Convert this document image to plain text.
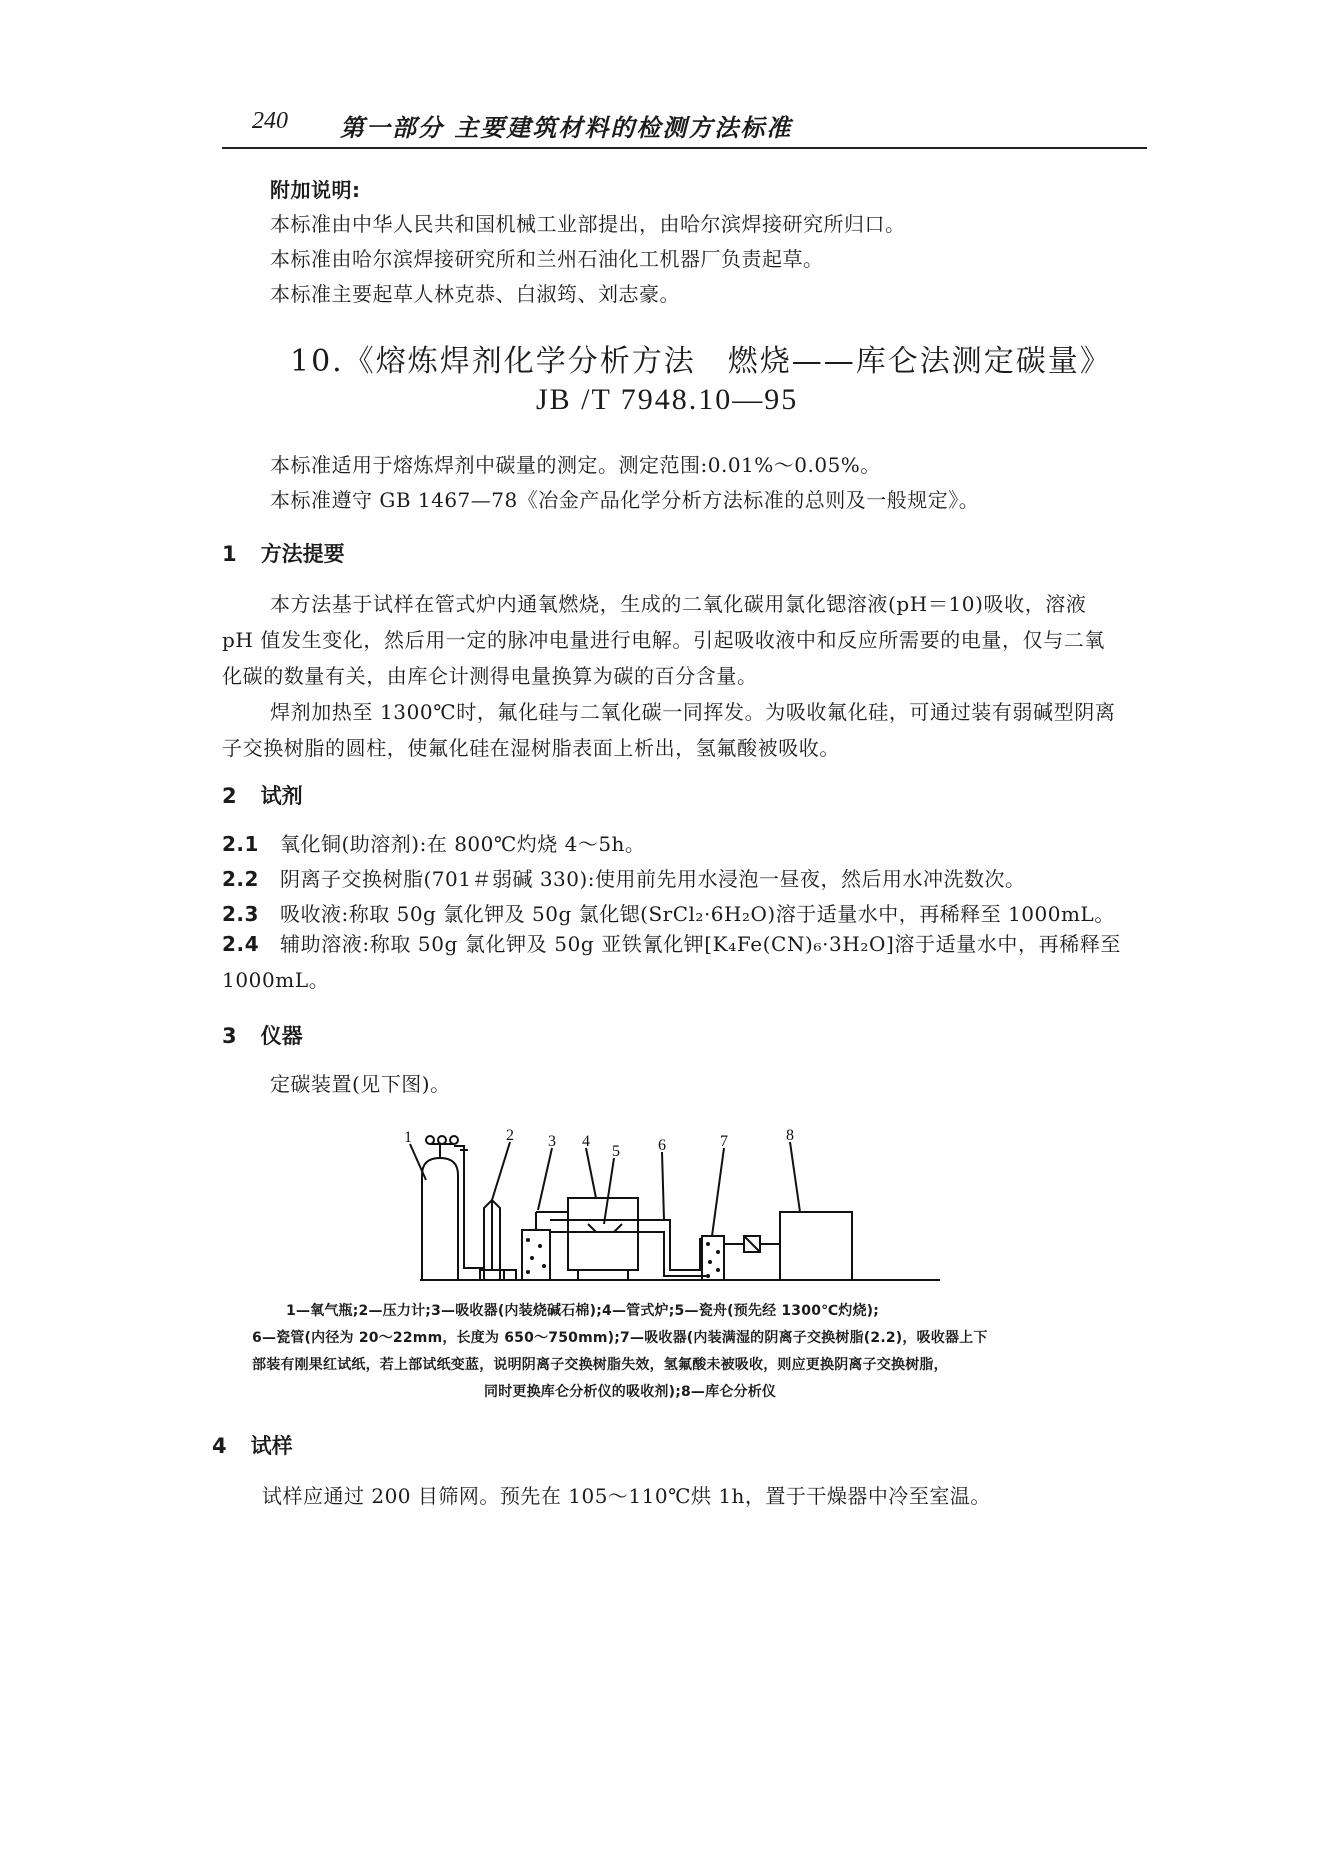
240 第一部分 主要建筑材料的检测方法标准
附加说明:
本标准由中华人民共和国机械工业部提出，由哈尔滨焊接研究所归口。
本标准由哈尔滨焊接研究所和兰州石油化工机器厂负责起草。
本标准主要起草人林克恭、白淑筠、刘志豪。
10.《熔炼焊剂化学分析方法　燃烧——库仑法测定碳量》
JB /T 7948.10—95
本标准适用于熔炼焊剂中碳量的测定。测定范围:0.01%～0.05%。
本标准遵守 GB 1467—78《冶金产品化学分析方法标准的总则及一般规定》。
1 方法提要
本方法基于试样在管式炉内通氧燃烧，生成的二氧化碳用氯化锶溶液(pH＝10)吸收，溶液 pH 值发生变化，然后用一定的脉冲电量进行电解。引起吸收液中和反应所需要的电量，仅与二氧化碳的数量有关，由库仑计测得电量换算为碳的百分含量。
焊剂加热至 1300℃时，氟化硅与二氧化碳一同挥发。为吸收氟化硅，可通过装有弱碱型阴离子交换树脂的圆柱，使氟化硅在湿树脂表面上析出，氢氟酸被吸收。
2 试剂
2.1 氧化铜(助溶剂):在 800℃灼烧 4～5h。
2.2 阴离子交换树脂(701＃弱碱 330):使用前先用水浸泡一昼夜，然后用水冲洗数次。
2.3 吸收液:称取 50g 氯化钾及 50g 氯化锶(SrCl₂·6H₂O)溶于适量水中，再稀释至 1000mL。
2.4 辅助溶液:称取 50g 氯化钾及 50g 亚铁氰化钾[K₄Fe(CN)₆·3H₂O]溶于适量水中，再稀释至 1000mL。
3 仪器
定碳装置(见下图)。
1	2 3 4
5 6	7	8
1—氧气瓶;2—压力计;3—吸收器(内装烧碱石棉);4—管式炉;5—瓷舟(预先经 1300℃灼烧);
6—瓷管(内径为 20～22mm，长度为 650～750mm);7—吸收器(内装满湿的阴离子交换树脂(2.2)，吸收器上下
部装有刚果红试纸，若上部试纸变蓝，说明阴离子交换树脂失效，氢氟酸未被吸收，则应更换阴离子交换树脂，
同时更换库仑分析仪的吸收剂);8—库仑分析仪
4 试样
试样应通过 200 目筛网。预先在 105～110℃烘 1h，置于干燥器中冷至室温。
